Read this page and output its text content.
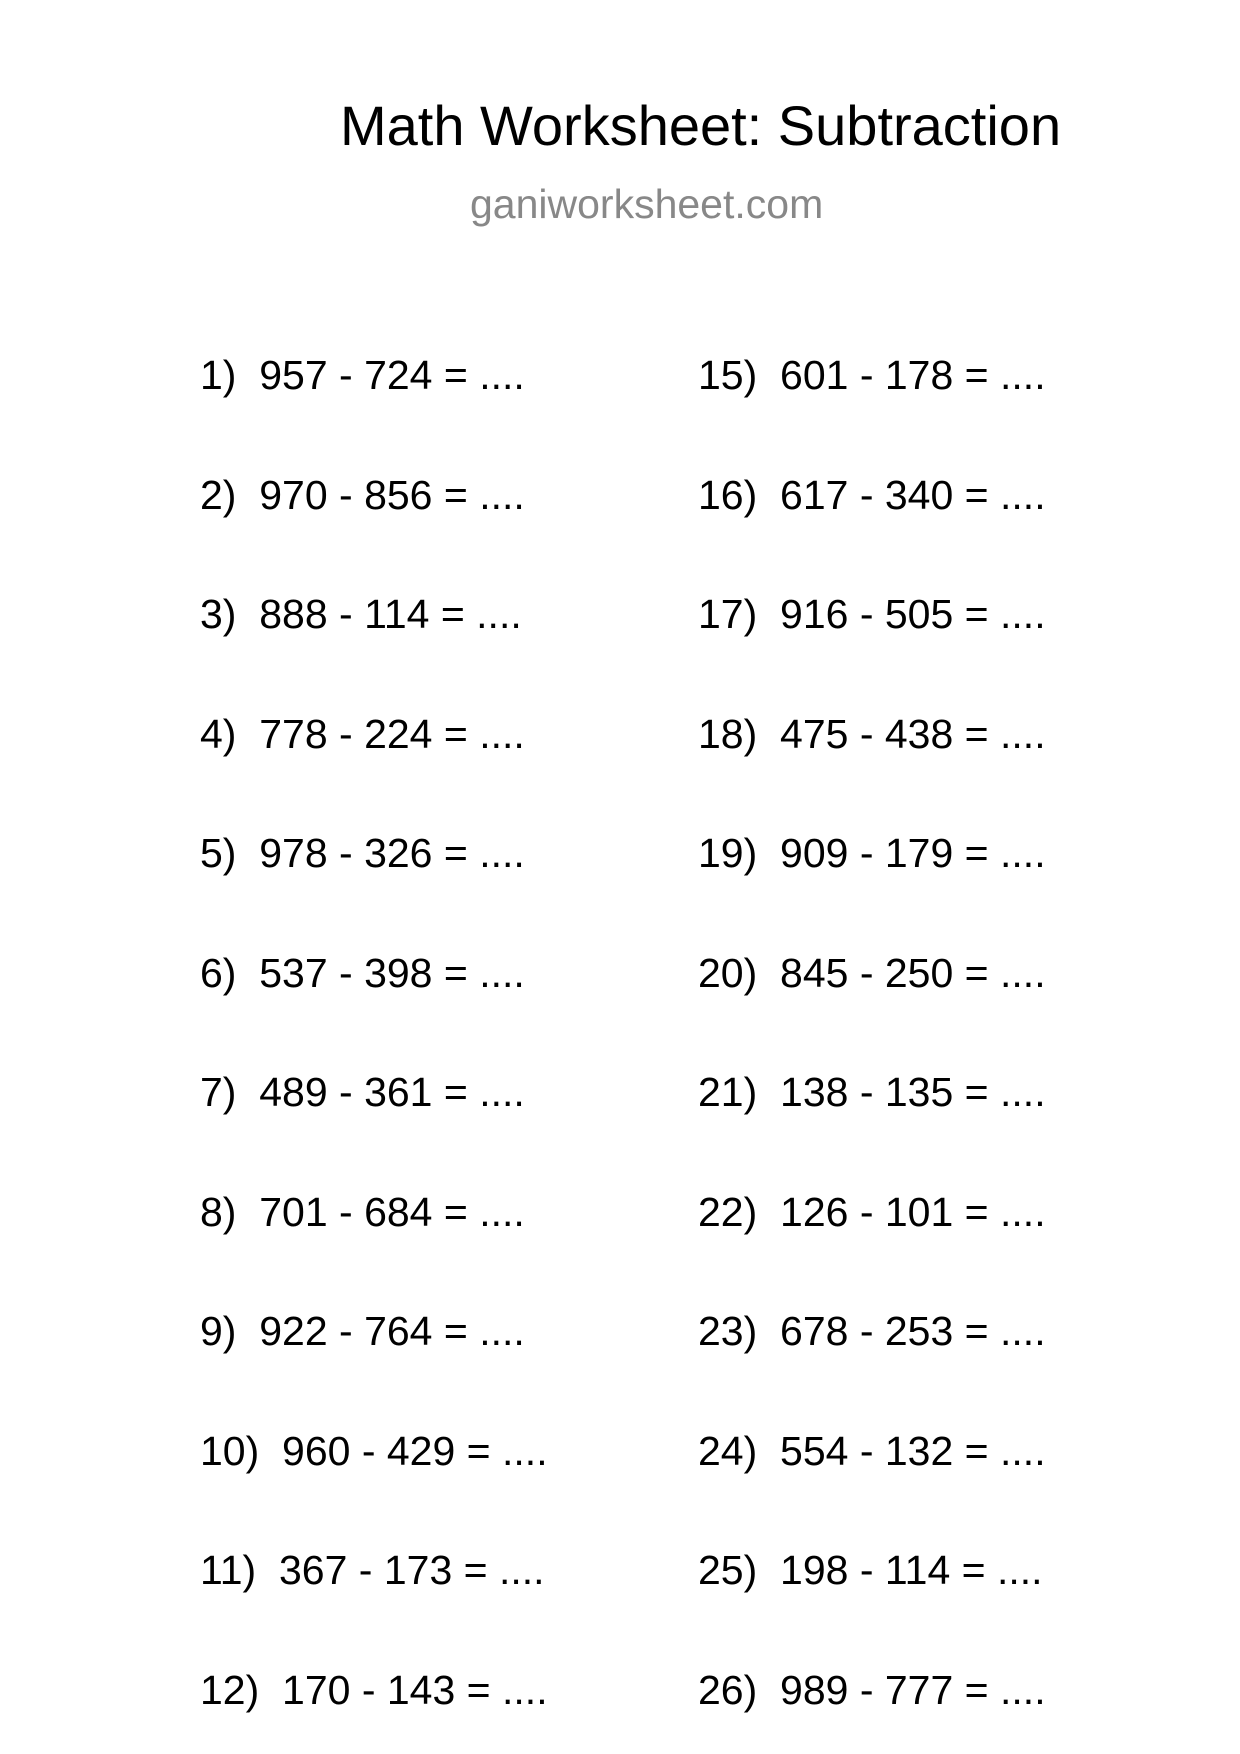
Math Worksheet: Subtraction
ganiworksheet.com
1)  957 - 724 = ....
2)  970 - 856 = ....
3)  888 - 114 = ....
4)  778 - 224 = ....
5)  978 - 326 = ....
6)  537 - 398 = ....
7)  489 - 361 = ....
8)  701 - 684 = ....
9)  922 - 764 = ....
10)  960 - 429 = ....
11)  367 - 173 = ....
12)  170 - 143 = ....
15)  601 - 178 = ....
16)  617 - 340 = ....
17)  916 - 505 = ....
18)  475 - 438 = ....
19)  909 - 179 = ....
20)  845 - 250 = ....
21)  138 - 135 = ....
22)  126 - 101 = ....
23)  678 - 253 = ....
24)  554 - 132 = ....
25)  198 - 114 = ....
26)  989 - 777 = ....
